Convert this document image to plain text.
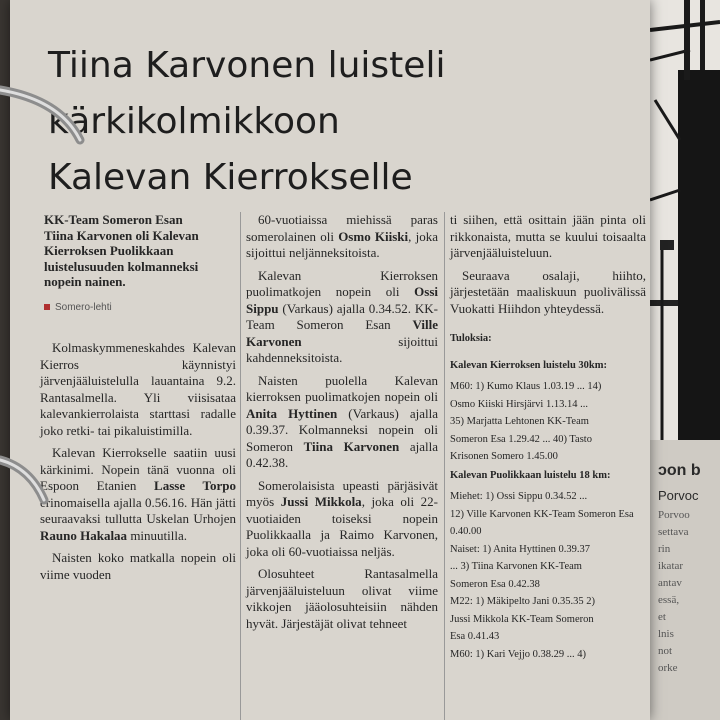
ɔon b
Porvoc
Porvoo
settava
rin
ikatar
antav
essä,
et
lnis
not
orke
Tiina Karvonen luisteli
kärkikolmikkoon
Kalevan Kierrokselle
KK-Team Someron Esan Tiina Karvonen oli Kalevan Kierroksen Puolikkaan luistelusuuden kolmanneksi nopein nainen.
Somero-lehti

Kolmaskymmeneskahdes Kalevan Kierros käynnistyi järvenjääluistelulla lauantaina 9.2. Rantasalmella. Yli viisisataa kalevankierrolaista starttasi radalle joko retki- tai pikaluistimilla.

Kalevan Kierrokselle saatiin uusi kärkinimi. Nopein tänä vuonna oli Espoon Etanien Lasse Torpo erinomaisella ajalla 0.56.16. Hän jätti seuraavaksi tullutta Uskelan Urhojen Rauno Hakalaa minuutilla.

Naisten koko matkalla nopein oli viime vuoden

60-vuotiaissa miehissä paras somerolainen oli Osmo Kiiski, joka sijoittui neljänneksitoista.

Kalevan Kierroksen puolimatkojen nopein oli Ossi Sippu (Varkaus) ajalla 0.34.52. KK-Team Someron Esan Ville Karvonen sijoittui kahdenneksitoista.

Naisten puolella Kalevan kierroksen puolimatkojen nopein oli Anita Hyttinen (Varkaus) ajalla 0.39.37. Kolmanneksi nopein oli Someron Tiina Karvonen ajalla 0.42.38.

Somerolaisista upeasti pärjäsivät myös Jussi Mikkola, joka oli 22-vuotiaiden toiseksi nopein Puolikkaalla ja Raimo Karvonen, joka oli 60-vuotiaissa neljäs.

Olosuhteet Rantasalmella järvenjääluisteluun olivat viime vikkojen jääolosuhteisiin nähden hyvät. Järjestäjät olivat tehneet

ti siihen, että osittain jään pinta oli rikkonaista, mutta se kuului toisaalta järvenjääluisteluun.

Seuraava osalaji, hiihto, järjestetään maaliskuun puolivälissä Vuokatti Hiihdon yhteydessä.

Tuloksia:
Kalevan Kierroksen luistelu 30km:
M60: 1) Kumo Klaus 1.03.19 ... 14)
Osmo Kiiski Hirsjärvi 1.13.14 ...
35) Marjatta Lehtonen KK-Team
Someron Esa 1.29.42 ... 40) Tasto
Krisonen Somero 1.45.00
Kalevan Puolikkaan luistelu 18 km:
Miehet: 1) Ossi Sippu 0.34.52 ...
12) Ville Karvonen KK-Team Someron Esa 0.40.00
Naiset: 1) Anita Hyttinen 0.39.37
... 3) Tiina Karvonen KK-Team
Someron Esa 0.42.38
M22: 1) Mäkipelto Jani 0.35.35 2)
Jussi Mikkola KK-Team Someron
Esa 0.41.43
M60: 1) Kari Vejjo 0.38.29 ... 4)
